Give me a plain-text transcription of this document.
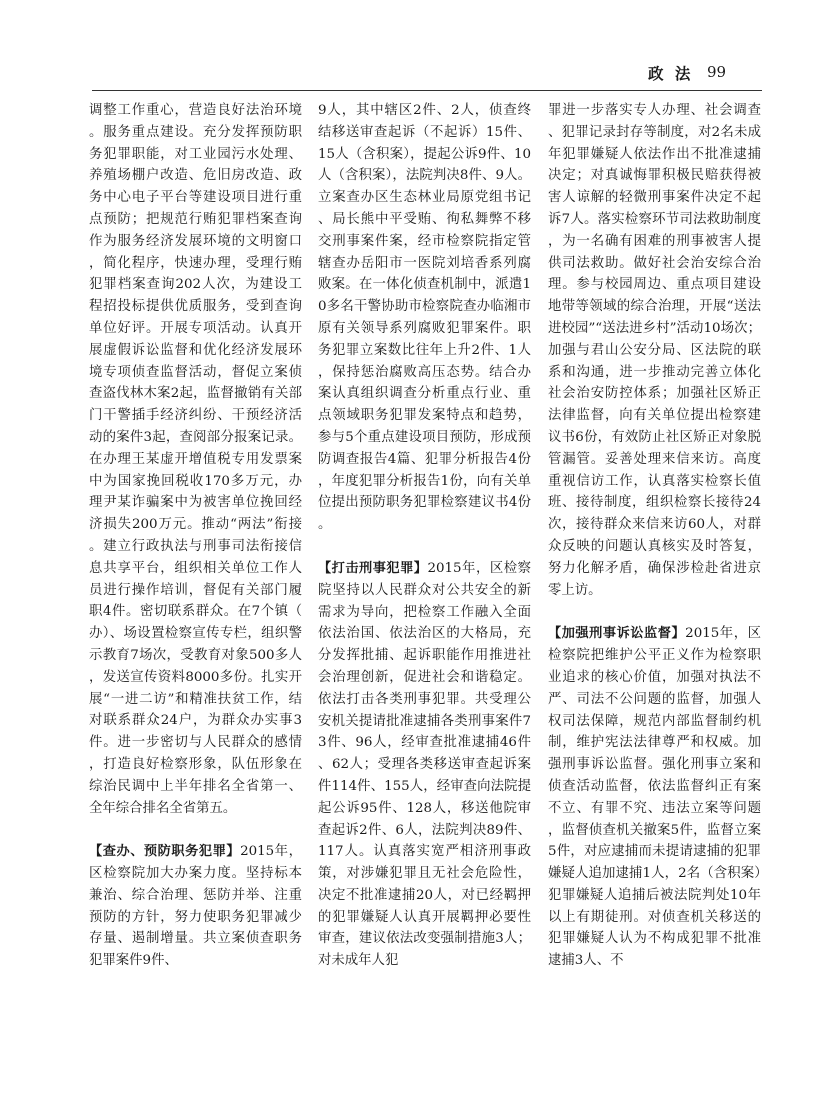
政 法 99

调整工作重心，营造良好法治环境。服务重点建设。充分发挥预防职务犯罪职能，对工业园污水处理、养殖场棚户改造、危旧房改造、政务中心电子平台等建设项目进行重点预防；把规范行贿犯罪档案查询作为服务经济发展环境的文明窗口，简化程序，快速办理，受理行贿犯罪档案查询202人次，为建设工程招投标提供优质服务，受到查询单位好评。开展专项活动。认真开展虚假诉讼监督和优化经济发展环境专项侦查监督活动，督促立案侦查盗伐林木案2起，监督撤销有关部门干警插手经济纠纷、干预经济活动的案件3起，查阅部分报案记录。在办理王某虚开增值税专用发票案中为国家挽回税收170多万元，办理尹某诈骗案中为被害单位挽回经济损失200万元。推动“两法”衔接。建立行政执法与刑事司法衔接信息共享平台，组织相关单位工作人员进行操作培训，督促有关部门履职4件。密切联系群众。在7个镇（办）、场设置检察宣传专栏，组织警示教育7场次，受教育对象500多人，发送宣传资料8000多份。扎实开展“一进二访”和精准扶贫工作，结对联系群众24户，为群众办实事3件。进一步密切与人民群众的感情，打造良好检察形象，队伍形象在综治民调中上半年排名全省第一、全年综合排名全省第五。

【查办、预防职务犯罪】2015年，区检察院加大办案力度。坚持标本兼治、综合治理、惩防并举、注重预防的方针，努力使职务犯罪减少存量、遏制增量。共立案侦查职务犯罪案件9件、

9人，其中辖区2件、2人，侦查终结移送审查起诉（不起诉）15件、15人（含积案），提起公诉9件、10人（含积案），法院判决8件、9人。立案查办区生态林业局原党组书记、局长熊中平受贿、徇私舞弊不移交刑事案件案，经市检察院指定管辖查办岳阳市一医院刘培香系列腐败案。在一体化侦查机制中，派遣10多名干警协助市检察院查办临湘市原有关领导系列腐败犯罪案件。职务犯罪立案数比往年上升2件、1人，保持惩治腐败高压态势。结合办案认真组织调查分析重点行业、重点领域职务犯罪发案特点和趋势，参与5个重点建设项目预防，形成预防调查报告4篇、犯罪分析报告4份，年度犯罪分析报告1份，向有关单位提出预防职务犯罪检察建议书4份。

【打击刑事犯罪】2015年，区检察院坚持以人民群众对公共安全的新需求为导向，把检察工作融入全面依法治国、依法治区的大格局，充分发挥批捕、起诉职能作用推进社会治理创新，促进社会和谐稳定。依法打击各类刑事犯罪。共受理公安机关提请批准逮捕各类刑事案件73件、96人，经审查批准逮捕46件、62人；受理各类移送审查起诉案件114件、155人，经审查向法院提起公诉95件、128人，移送他院审查起诉2件、6人，法院判决89件、117人。认真落实宽严相济刑事政策，对涉嫌犯罪且无社会危险性，决定不批准逮捕20人，对已经羁押的犯罪嫌疑人认真开展羁押必要性审查，建议依法改变强制措施3人；对未成年人犯

罪进一步落实专人办理、社会调查、犯罪记录封存等制度，对2名未成年犯罪嫌疑人依法作出不批准逮捕决定；对真诚悔罪积极民赔获得被害人谅解的轻微刑事案件决定不起诉7人。落实检察环节司法救助制度，为一名确有困难的刑事被害人提供司法救助。做好社会治安综合治理。参与校园周边、重点项目建设地带等领域的综合治理，开展“送法进校园”“送法进乡村”活动10场次；加强与君山公安分局、区法院的联系和沟通，进一步推动完善立体化社会治安防控体系；加强社区矫正法律监督，向有关单位提出检察建议书6份，有效防止社区矫正对象脱管漏管。妥善处理来信来访。高度重视信访工作，认真落实检察长值班、接待制度，组织检察长接待24次，接待群众来信来访60人，对群众反映的问题认真核实及时答复，努力化解矛盾，确保涉检赴省进京零上访。

【加强刑事诉讼监督】2015年，区检察院把维护公平正义作为检察职业追求的核心价值，加强对执法不严、司法不公问题的监督，加强人权司法保障，规范内部监督制约机制，维护宪法法律尊严和权威。加强刑事诉讼监督。强化刑事立案和侦查活动监督，依法监督纠正有案不立、有罪不究、违法立案等问题，监督侦查机关撤案5件，监督立案5件，对应逮捕而未提请逮捕的犯罪嫌疑人追加逮捕1人，2名（含积案）犯罪嫌疑人追捕后被法院判处10年以上有期徒刑。对侦查机关移送的犯罪嫌疑人认为不构成犯罪不批准逮捕3人、不
